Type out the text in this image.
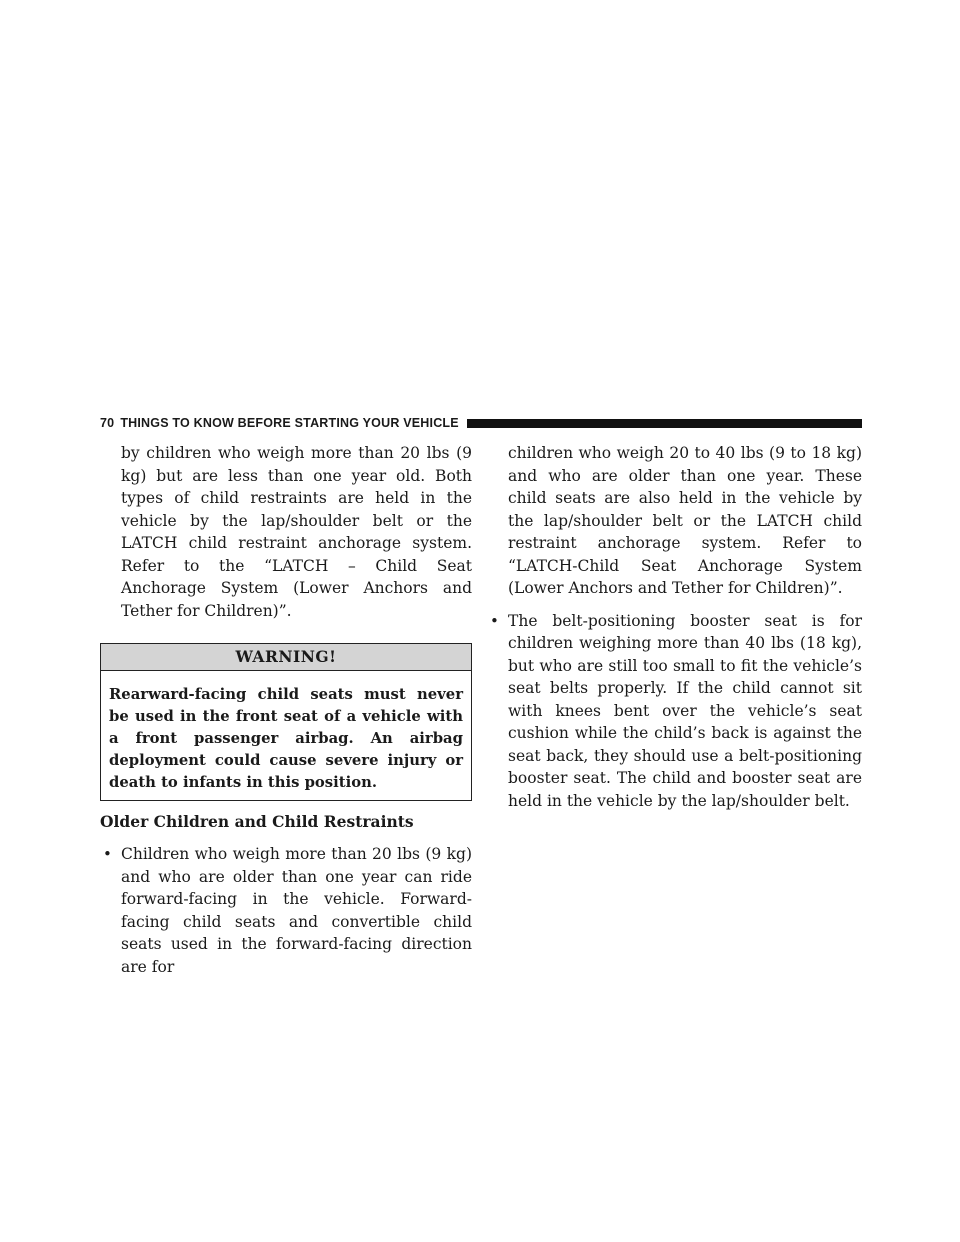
70 THINGS TO KNOW BEFORE STARTING YOUR VEHICLE

by children who weigh more than 20 lbs (9 kg) but are less than one year old. Both types of child restraints are held in the vehicle by the lap/shoulder belt or the LATCH child restraint anchorage system. Refer to the “LATCH – Child Seat Anchorage System (Lower Anchors and Tether for Children)”.

WARNING!
Rearward-facing child seats must never be used in the front seat of a vehicle with a front passenger airbag. An airbag deployment could cause severe injury or death to infants in this position.
Older Children and Child Restraints
• Children who weigh more than 20 lbs (9 kg) and who are older than one year can ride forward-facing in the vehicle. Forward-facing child seats and convertible child seats used in the forward-facing direction are for

children who weigh 20 to 40 lbs (9 to 18 kg) and who are older than one year. These child seats are also held in the vehicle by the lap/shoulder belt or the LATCH child restraint anchorage system. Refer to “LATCH-Child Seat Anchorage System (Lower Anchors and Tether for Children)”.

• The belt-positioning booster seat is for children weighing more than 40 lbs (18 kg), but who are still too small to fit the vehicle’s seat belts properly. If the child cannot sit with knees bent over the vehicle’s seat cushion while the child’s back is against the seat back, they should use a belt-positioning booster seat. The child and booster seat are held in the vehicle by the lap/shoulder belt.
